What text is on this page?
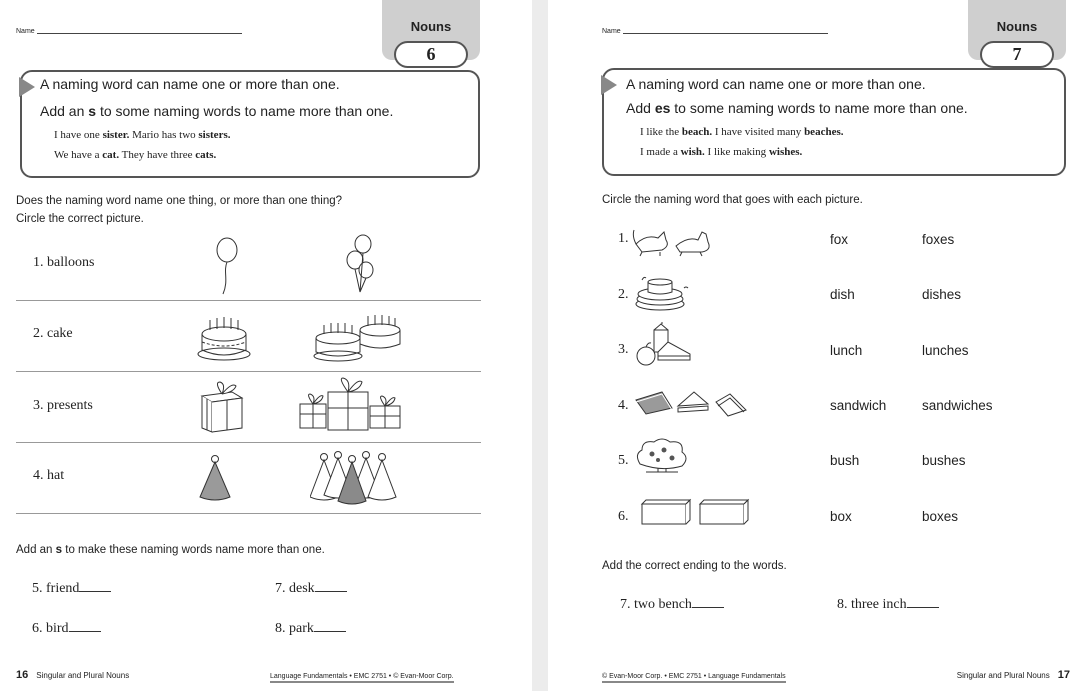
Name	Nouns
6
A naming word can name one or more than one.
Add an s to some naming words to name more than one.
I have one sister. Mario has two sisters.
We have a cat. They have three cats.
Does the naming word name one thing, or more than one thing?
Circle the correct picture.
1. balloons
2. cake
3. presents
4. hat
Add an s to make these naming words name more than one.
5. friend	7. desk
6. bird	8. park
16 Singular and Plural Nouns	Language Fundamentals • EMC 2751 • © Evan-Moor Corp.
Name	Nouns
7
A naming word can name one or more than one.
Add es to some naming words to name more than one.
I like the beach. I have visited many beaches.
I made a wish. I like making wishes.
Circle the naming word that goes with each picture.
1.	fox	foxes
2.	dish	dishes
3.	lunch	lunches
4.	sandwich	sandwiches
5.	bush	bushes
6.	box	boxes
Add the correct ending to the words.
7. two bench	8. three inch
© Evan-Moor Corp. • EMC 2751 • Language Fundamentals	Singular and Plural Nouns 17
